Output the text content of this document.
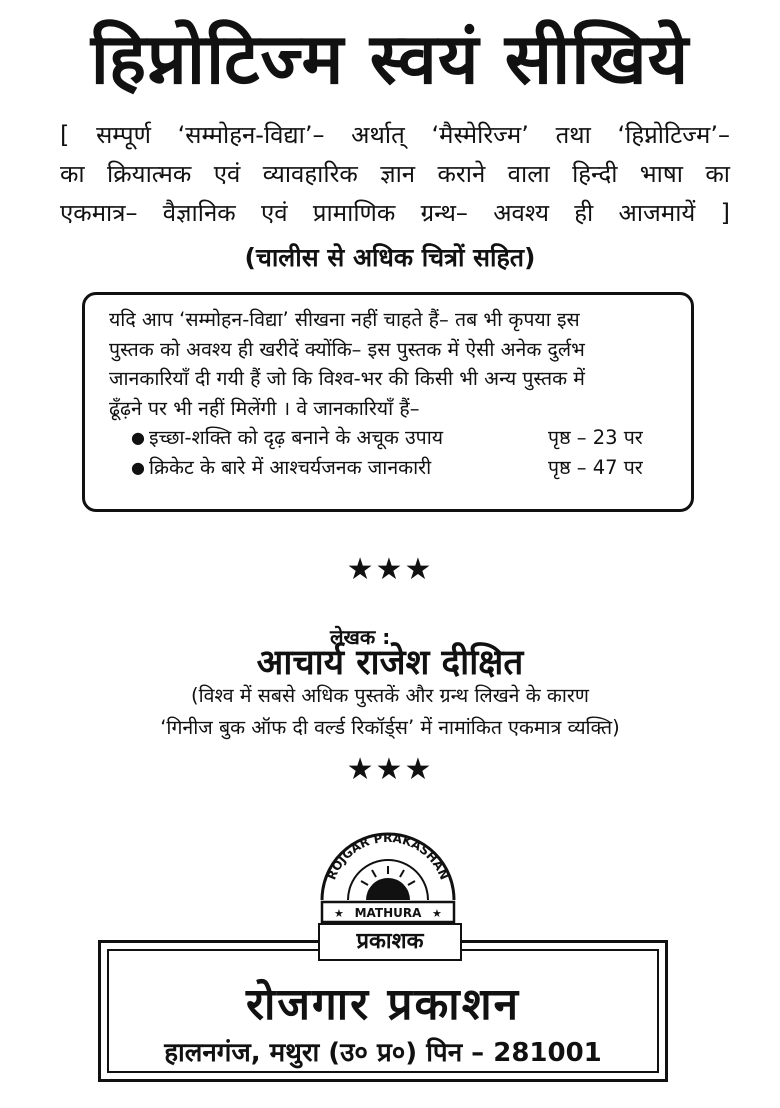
हिप्नोटिज्म स्वयं सीखिये
[ सम्पूर्ण ‘सम्मोहन-विद्या’– अर्थात् ‘मैस्मेरिज्म’ तथा ‘हिप्नोटिज्म’–
का क्रियात्मक एवं व्यावहारिक ज्ञान कराने वाला हिन्दी भाषा का
एकमात्र– वैज्ञानिक एवं प्रामाणिक ग्रन्थ– अवश्य ही आजमायें ]
(चालीस से अधिक चित्रों सहित)
यदि आप ‘सम्मोहन-विद्या’ सीखना नहीं चाहते हैं– तब भी कृपया इस
पुस्तक को अवश्य ही खरीदें क्योंकि– इस पुस्तक में ऐसी अनेक दुर्लभ
जानकारियाँ दी गयी हैं जो कि विश्व-भर की किसी भी अन्य पुस्तक में
ढूँढ़ने पर भी नहीं मिलेंगी । वे जानकारियाँ हैं–
● इच्छा-शक्ति को दृढ़ बनाने के अचूक उपाय	पृष्ठ – 23 पर
● क्रिकेट के बारे में आश्चर्यजनक जानकारी	पृष्ठ – 47 पर
★★★
लेखक :
आचार्य राजेश दीक्षित
(विश्व में सबसे अधिक पुस्तकें और ग्रन्थ लिखने के कारण
‘गिनीज बुक ऑफ दी वर्ल्ड रिकॉर्ड्स’ में नामांकित एकमात्र व्यक्ति)
★★★
ROJGAR PRAKASHAN
MATHURA
★	★
प्रकाशक
रोजगार प्रकाशन
हालनगंज, मथुरा (उ० प्र०) पिन – 281001
